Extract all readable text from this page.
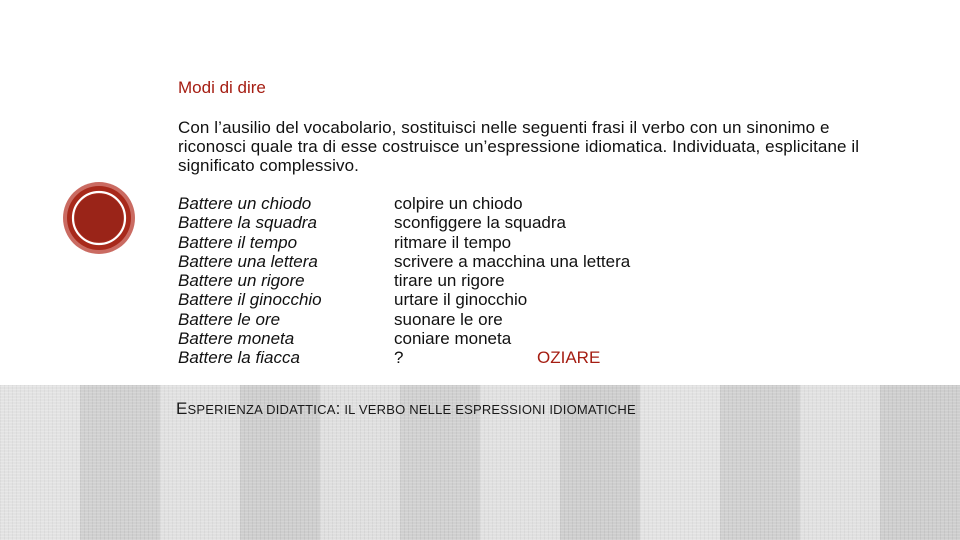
Modi di dire
Con l’ausilio del vocabolario, sostituisci nelle seguenti frasi il verbo con un sinonimo e riconosci quale tra di esse costruisce un’espressione idiomatica. Individuata, esplicitane il significato complessivo.
Battere un chiodo
Battere la squadra
Battere il tempo
Battere una lettera
Battere un rigore
Battere il ginocchio
Battere le ore
Battere moneta
Battere la fiacca
colpire un chiodo
sconfiggere la squadra
ritmare il tempo
scrivere a macchina una lettera
tirare un rigore
urtare il ginocchio
suonare le ore
coniare moneta
?	OZIARE
ESPERIENZA DIDATTICA: IL VERBO NELLE ESPRESSIONI IDIOMATICHE
